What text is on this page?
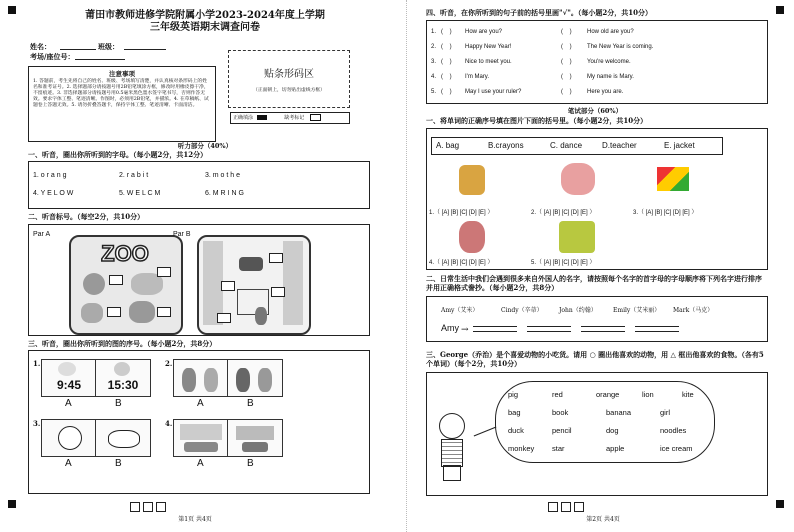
莆田市教师进修学院附属小学2023-2024年度上学期
三年级英语期末调查问卷
姓名：	班级：
考场/座位号：
注意事项
1. 答题前，考生先将自己的姓名、班级、考场填写清楚，并认真核对条形码上的姓名和准考证号。2. 选择题部分请按题号用2B铅笔填涂方框，修改时用橡皮擦干净，不留痕迹。3. 非选择题部分请按题号用0.5毫米黑色墨水签字笔书写，否则作答无效。要求字体工整、笔迹清晰。作图时，必须用2B铅笔，并描浓。4. 在草稿纸、试题卷上答题无效。5. 请勿折叠答题卡，保持字体工整、笔迹清晰、卡面清洁。
贴条形码区
（正面朝上，切勿贴出虚线方框）
正确填涂	缺考标记
听力部分（40%）
一、听音，圈出你所听到的字母。（每小题2分，共12分）
1. o r a n g	2. r a b i t	3. m o t h e
4. Y E L O W	5. W E L C M	6. M R I N G
二、听音标号。（每空2分，共10分）
Par A
ZOO
Par B
三、听音，圈出你所听到的图的序号。（每小题2分，共8分）
1.
9:45	15:30
A	B
2.
A	B
3.
A	B
4.
A	B
第1页 共4页
四、听音，在你所听到的句子前的括号里画"√"。（每小题2分，共10分）
1. (    ) How are you?	(    )	How old are you?
2. (    ) Happy New Year!	(    )	The New Year is coming.
3. (    ) Nice to meet you.	(    )	You're welcome.
4. (    ) I'm Mary.	(    )	My name is Mary.
5. (    ) May I use your ruler?	(    )	Here you are.
笔试部分（60%）
一、将单词的正确序号填在图片下面的括号里。（每小题2分，共10分）
A. bag	B.crayons	C. dance D.teacher	E. jacket
1.（ [A] [B] [C] [D] [E] ）	2.（ [A] [B] [C] [D] [E] ）	3.（ [A] [B] [C] [D] [E] ）
4.（ [A] [B] [C] [D] [E] ）	5.（ [A] [B] [C] [D] [E] ）
二、日常生活中我们会遇到很多来自外国人的名字，请按照每个名字的首字母的字母顺序将下列名字进行排序并用正确格式誊抄。（每小题2分，共8分）
Amy（艾米）	Cindy（辛蒂）	John（约翰）	Emily（艾米丽） Mark（马克）
Amy →
三、George（乔治）是个喜爱动物的小吃货。请用 ○ 圈出他喜欢的动物，用 △ 框出他喜欢的食物。（各有5个单词）（每个2分，共10分）
pig	red	orange	lion	kite
bag	book	banana	girl
duck	pencil	dog	noodles
monkey star	apple	ice cream
第2页 共4页
